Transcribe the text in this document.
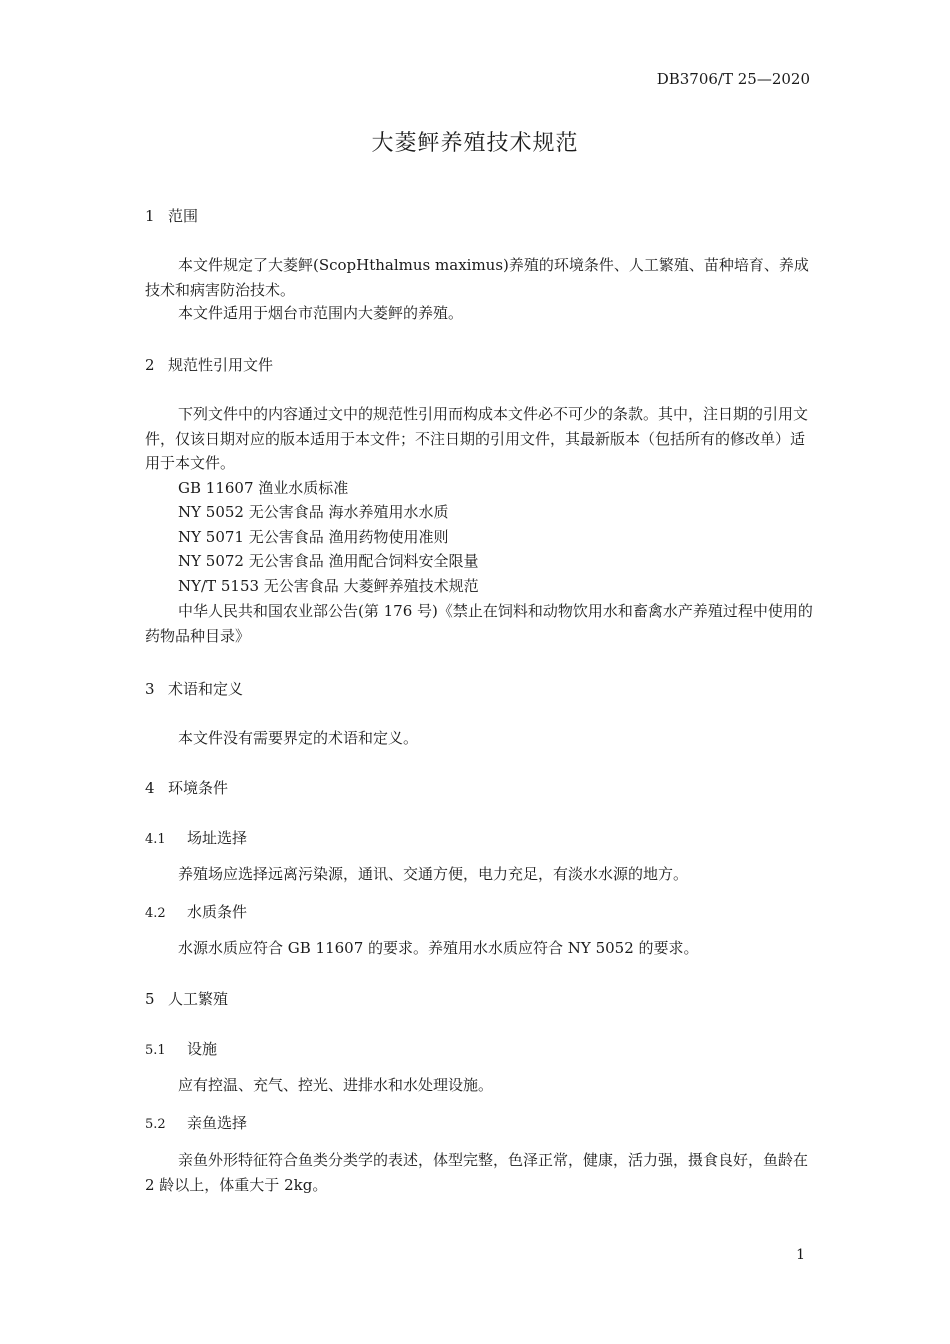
DB3706/T 25—2020
大菱鲆养殖技术规范
1 范围
本文件规定了大菱鲆(ScopHthalmus maximus)养殖的环境条件、人工繁殖、苗种培育、养成技术和病害防治技术。
本文件适用于烟台市范围内大菱鲆的养殖。
2 规范性引用文件
下列文件中的内容通过文中的规范性引用而构成本文件必不可少的条款。其中，注日期的引用文件，仅该日期对应的版本适用于本文件；不注日期的引用文件，其最新版本（包括所有的修改单）适用于本文件。
GB 11607 渔业水质标准
NY 5052 无公害食品 海水养殖用水水质
NY 5071 无公害食品 渔用药物使用准则
NY 5072 无公害食品 渔用配合饲料安全限量
NY/T 5153 无公害食品 大菱鲆养殖技术规范
中华人民共和国农业部公告(第 176 号)《禁止在饲料和动物饮用水和畜禽水产养殖过程中使用的药物品种目录》
3 术语和定义
本文件没有需要界定的术语和定义。
4 环境条件
4.1 场址选择
养殖场应选择远离污染源，通讯、交通方便，电力充足，有淡水水源的地方。
4.2 水质条件
水源水质应符合 GB 11607 的要求。养殖用水水质应符合 NY 5052 的要求。
5 人工繁殖
5.1 设施
应有控温、充气、控光、进排水和水处理设施。
5.2 亲鱼选择
亲鱼外形特征符合鱼类分类学的表述，体型完整，色泽正常，健康，活力强，摄食良好，鱼龄在 2 龄以上，体重大于 2kg。
1
